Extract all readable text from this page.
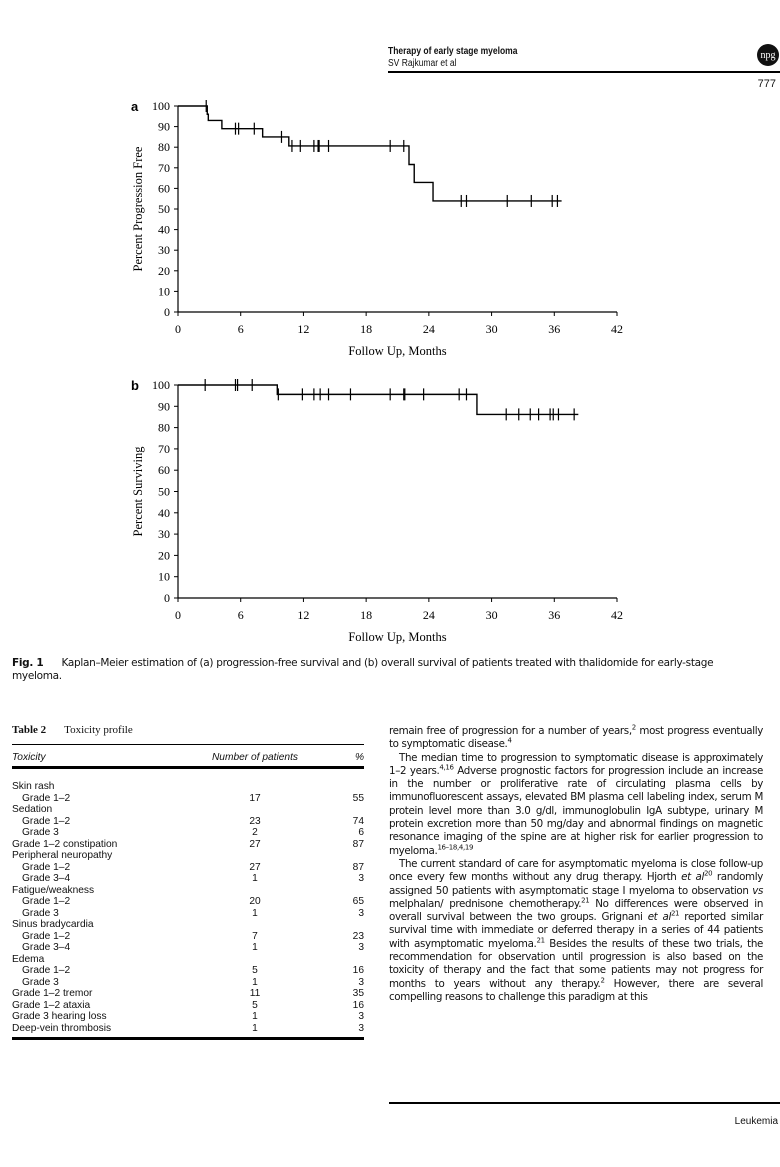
Therapy of early stage myeloma
SV Rajkumar et al
npg
777
0
10
20
30
40
50
60
70
80
90
100
0	6	12	18	24	30	36	42
Follow Up, Months
Percent Progression Free
a
0
10
20
30
40
50
60
70
80
90
100
0	6	12	18	24	30	36	42
Follow Up, Months
Percent Surviving
b
Fig. 1 Kaplan–Meier estimation of (a) progression-free survival and (b) overall survival of patients treated with thalidomide for early-stage myeloma.
Table 2 Toxicity profile
Toxicity	Number of patients	%
Skin rash
Grade 1–2	17	55
Sedation
Grade 1–2	23	74
Grade 3	2	6
Grade 1–2 constipation	27	87
Peripheral neuropathy
Grade 1–2	27	87
Grade 3–4	1	3
Fatigue/weakness
Grade 1–2	20	65
Grade 3	1	3
Sinus bradycardia
Grade 1–2	7	23
Grade 3–4	1	3
Edema
Grade 1–2	5	16
Grade 3	1	3
Grade 1–2 tremor	11	35
Grade 1–2 ataxia	5	16
Grade 3 hearing loss	1	3
Deep-vein thrombosis	1	3

remain free of progression for a number of years,$^2$ most progress eventually to symptomatic disease.$^4$

The median time to progression to symptomatic disease is approximately 1–2 years.$^{4,16}$ Adverse prognostic factors for progression include an increase in the number or proliferative rate of circulating plasma cells by immunofluorescent assays, elevated BM plasma cell labeling index, serum M protein level more than 3.0 g/dl, immunoglobulin IgA subtype, urinary M protein excretion more than 50 mg/day and abnormal findings on magnetic resonance imaging of the spine are at higher risk for earlier progression to myeloma.$^{16-18,4,19}$

The current standard of care for asymptomatic myeloma is close follow-up once every few months without any drug therapy. Hjorth et $al^{20}$ randomly assigned 50 patients with asymptomatic stage I myeloma to observation vs melphalan/ prednisone chemotherapy.$^{21}$ No differences were observed in overall survival between the two groups. Grignani et $al^{21}$ reported similar survival time with immediate or deferred therapy in a series of 44 patients with asymptomatic myeloma.$^{21}$ Besides the results of these two trials, the recommendation for observation until progression is also based on the toxicity of therapy and the fact that some patients may not progress for months to years without any therapy.$^2$ However, there are several compelling reasons to challenge this paradigm at this

Leukemia
